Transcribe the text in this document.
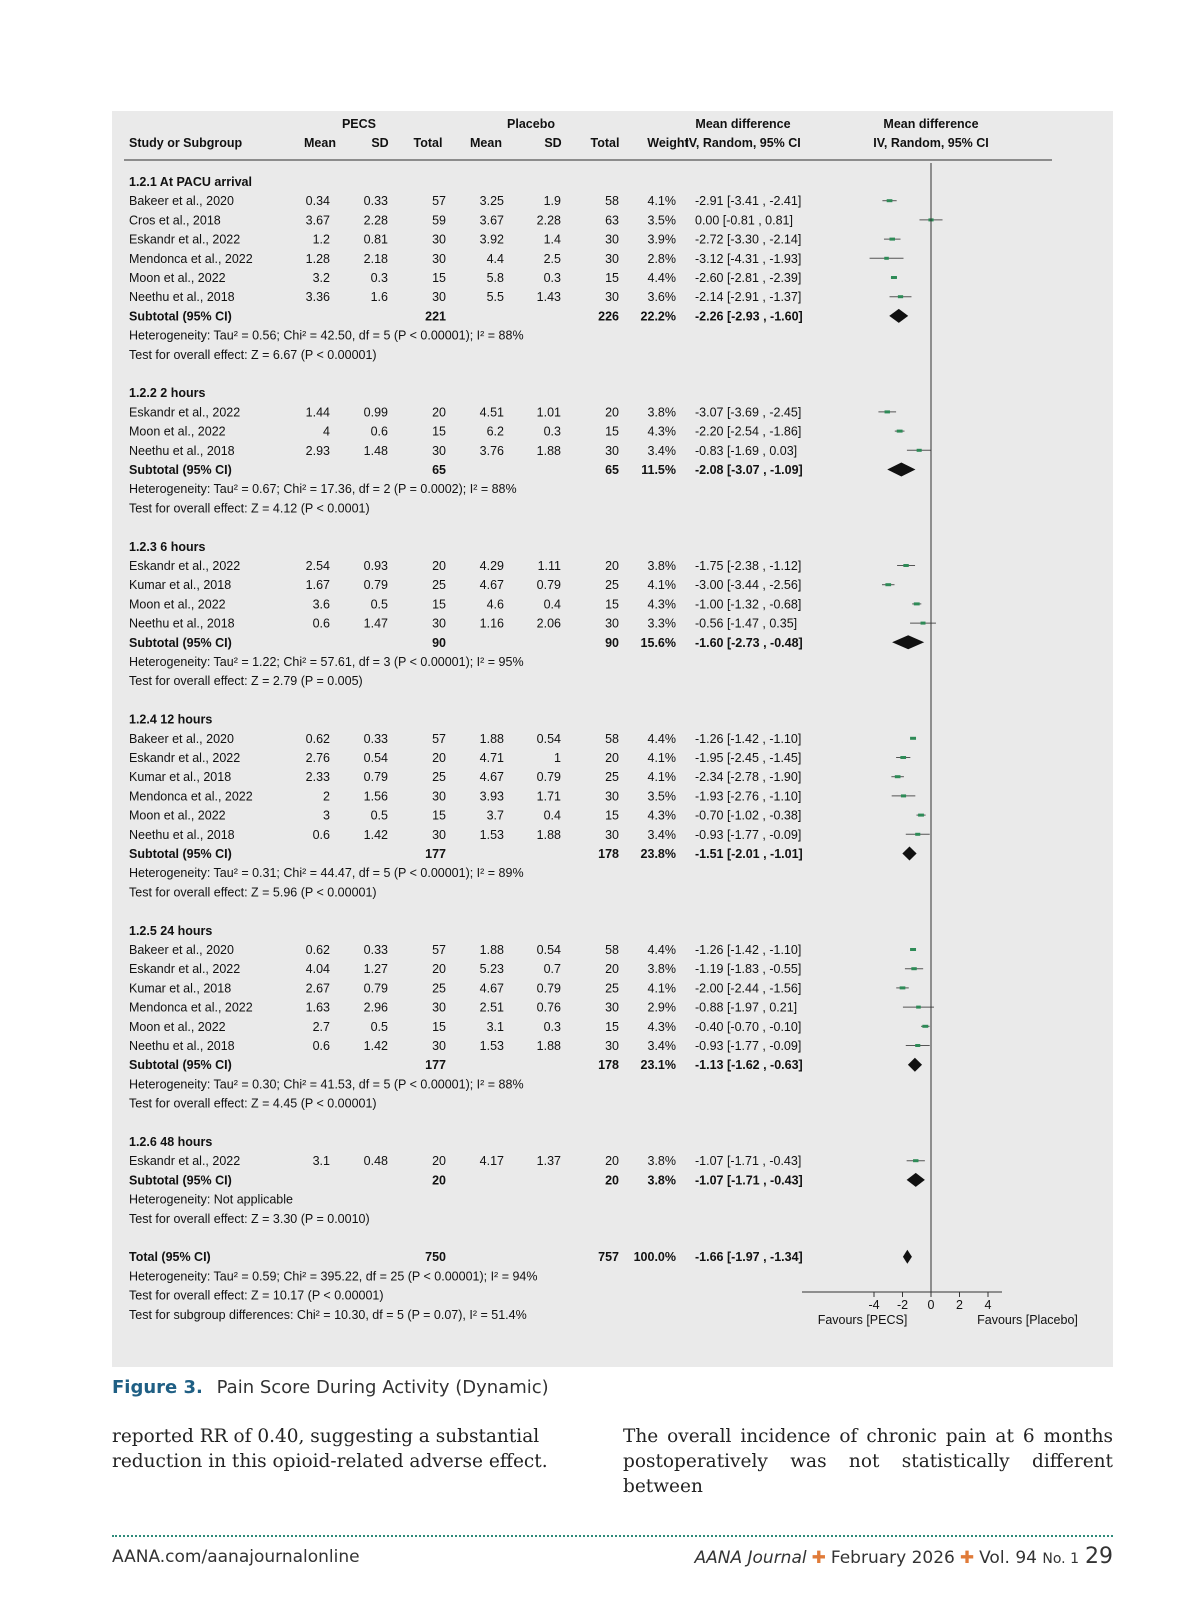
PECS	Placebo	Mean difference	Mean difference
Study or Subgroup	Mean	SD Total Mean	SD Total Weight
IV, Random, 95% CI	IV, Random, 95% CI
1.2.1 At PACU arrival
Bakeer et al., 2020	0.34	0.33	57	3.25	1.9	58 4.1% -2.91 [-3.41 , -2.41]
Cros et al., 2018	3.67	2.28	59	3.67	2.28	63 3.5% 0.00 [-0.81 , 0.81]
Eskandr et al., 2022	1.2	0.81	30	3.92	1.4	30 3.9% -2.72 [-3.30 , -2.14]
Mendonca et al., 2022	1.28	2.18	30	4.4	2.5	30 2.8% -3.12 [-4.31 , -1.93]
Moon et al., 2022	3.2	0.3	15	5.8	0.3	15 4.4% -2.60 [-2.81 , -2.39]
Neethu et al., 2018	3.36	1.6	30	5.5	1.43	30 3.6% -2.14 [-2.91 , -1.37]
Subtotal (95% CI)	221	226 22.2% -2.26 [-2.93 , -1.60]
Heterogeneity: Tau² = 0.56; Chi² = 42.50, df = 5 (P < 0.00001); I² = 88%
Test for overall effect: Z = 6.67 (P < 0.00001)
1.2.2 2 hours
Eskandr et al., 2022	1.44	0.99	20	4.51	1.01	20 3.8% -3.07 [-3.69 , -2.45]
Moon et al., 2022	4	0.6	15	6.2	0.3	15 4.3% -2.20 [-2.54 , -1.86]
Neethu et al., 2018	2.93	1.48	30	3.76	1.88	30 3.4% -0.83 [-1.69 , 0.03]
Subtotal (95% CI)	65	65 11.5% -2.08 [-3.07 , -1.09]
Heterogeneity: Tau² = 0.67; Chi² = 17.36, df = 2 (P = 0.0002); I² = 88%
Test for overall effect: Z = 4.12 (P < 0.0001)
1.2.3 6 hours
Eskandr et al., 2022	2.54	0.93	20	4.29	1.11	20 3.8% -1.75 [-2.38 , -1.12]
Kumar et al., 2018	1.67	0.79	25	4.67	0.79	25 4.1% -3.00 [-3.44 , -2.56]
Moon et al., 2022	3.6	0.5	15	4.6	0.4	15 4.3% -1.00 [-1.32 , -0.68]
Neethu et al., 2018	0.6	1.47	30	1.16	2.06	30 3.3% -0.56 [-1.47 , 0.35]
Subtotal (95% CI)	90	90 15.6% -1.60 [-2.73 , -0.48]
Heterogeneity: Tau² = 1.22; Chi² = 57.61, df = 3 (P < 0.00001); I² = 95%
Test for overall effect: Z = 2.79 (P = 0.005)
1.2.4 12 hours
Bakeer et al., 2020	0.62	0.33	57	1.88	0.54	58 4.4% -1.26 [-1.42 , -1.10]
Eskandr et al., 2022	2.76	0.54	20	4.71	1	20 4.1% -1.95 [-2.45 , -1.45]
Kumar et al., 2018	2.33	0.79	25	4.67	0.79	25 4.1% -2.34 [-2.78 , -1.90]
Mendonca et al., 2022	2	1.56	30	3.93	1.71	30 3.5% -1.93 [-2.76 , -1.10]
Moon et al., 2022	3	0.5	15	3.7	0.4	15 4.3% -0.70 [-1.02 , -0.38]
Neethu et al., 2018	0.6	1.42	30	1.53	1.88	30 3.4% -0.93 [-1.77 , -0.09]
Subtotal (95% CI)	177	178 23.8% -1.51 [-2.01 , -1.01]
Heterogeneity: Tau² = 0.31; Chi² = 44.47, df = 5 (P < 0.00001); I² = 89%
Test for overall effect: Z = 5.96 (P < 0.00001)
1.2.5 24 hours
Bakeer et al., 2020	0.62	0.33	57	1.88	0.54	58 4.4% -1.26 [-1.42 , -1.10]
Eskandr et al., 2022	4.04	1.27	20	5.23	0.7	20 3.8% -1.19 [-1.83 , -0.55]
Kumar et al., 2018	2.67	0.79	25	4.67	0.79	25 4.1% -2.00 [-2.44 , -1.56]
Mendonca et al., 2022	1.63	2.96	30	2.51	0.76	30 2.9% -0.88 [-1.97 , 0.21]
Moon et al., 2022	2.7	0.5	15	3.1	0.3	15 4.3% -0.40 [-0.70 , -0.10]
Neethu et al., 2018	0.6	1.42	30	1.53	1.88	30 3.4% -0.93 [-1.77 , -0.09]
Subtotal (95% CI)	177	178 23.1% -1.13 [-1.62 , -0.63]
Heterogeneity: Tau² = 0.30; Chi² = 41.53, df = 5 (P < 0.00001); I² = 88%
Test for overall effect: Z = 4.45 (P < 0.00001)
1.2.6 48 hours
Eskandr et al., 2022	3.1	0.48	20	4.17	1.37	20 3.8% -1.07 [-1.71 , -0.43]
Subtotal (95% CI)	20	20 3.8% -1.07 [-1.71 , -0.43]
Heterogeneity: Not applicable
Test for overall effect: Z = 3.30 (P = 0.0010)
Total (95% CI)	750	757 100.0% -1.66 [-1.97 , -1.34]
Heterogeneity: Tau² = 0.59; Chi² = 395.22, df = 25 (P < 0.00001); I² = 94%
Test for overall effect: Z = 10.17 (P < 0.00001)
Test for subgroup differences: Chi² = 10.30, df = 5 (P = 0.07), I² = 51.4%
-4 -2 0 2 4
Favours [PECS]	Favours [Placebo]
Figure 3. Pain Score During Activity (Dynamic)
reported RR of 0.40, suggesting a substantial reduction in this opioid-related adverse effect.
The overall incidence of chronic pain at 6 months postoperatively was not statistically different between
AANA.com/aanajournalonline	AANA Journal ✚ February 2026 ✚ Vol. 94 No. 1 29
